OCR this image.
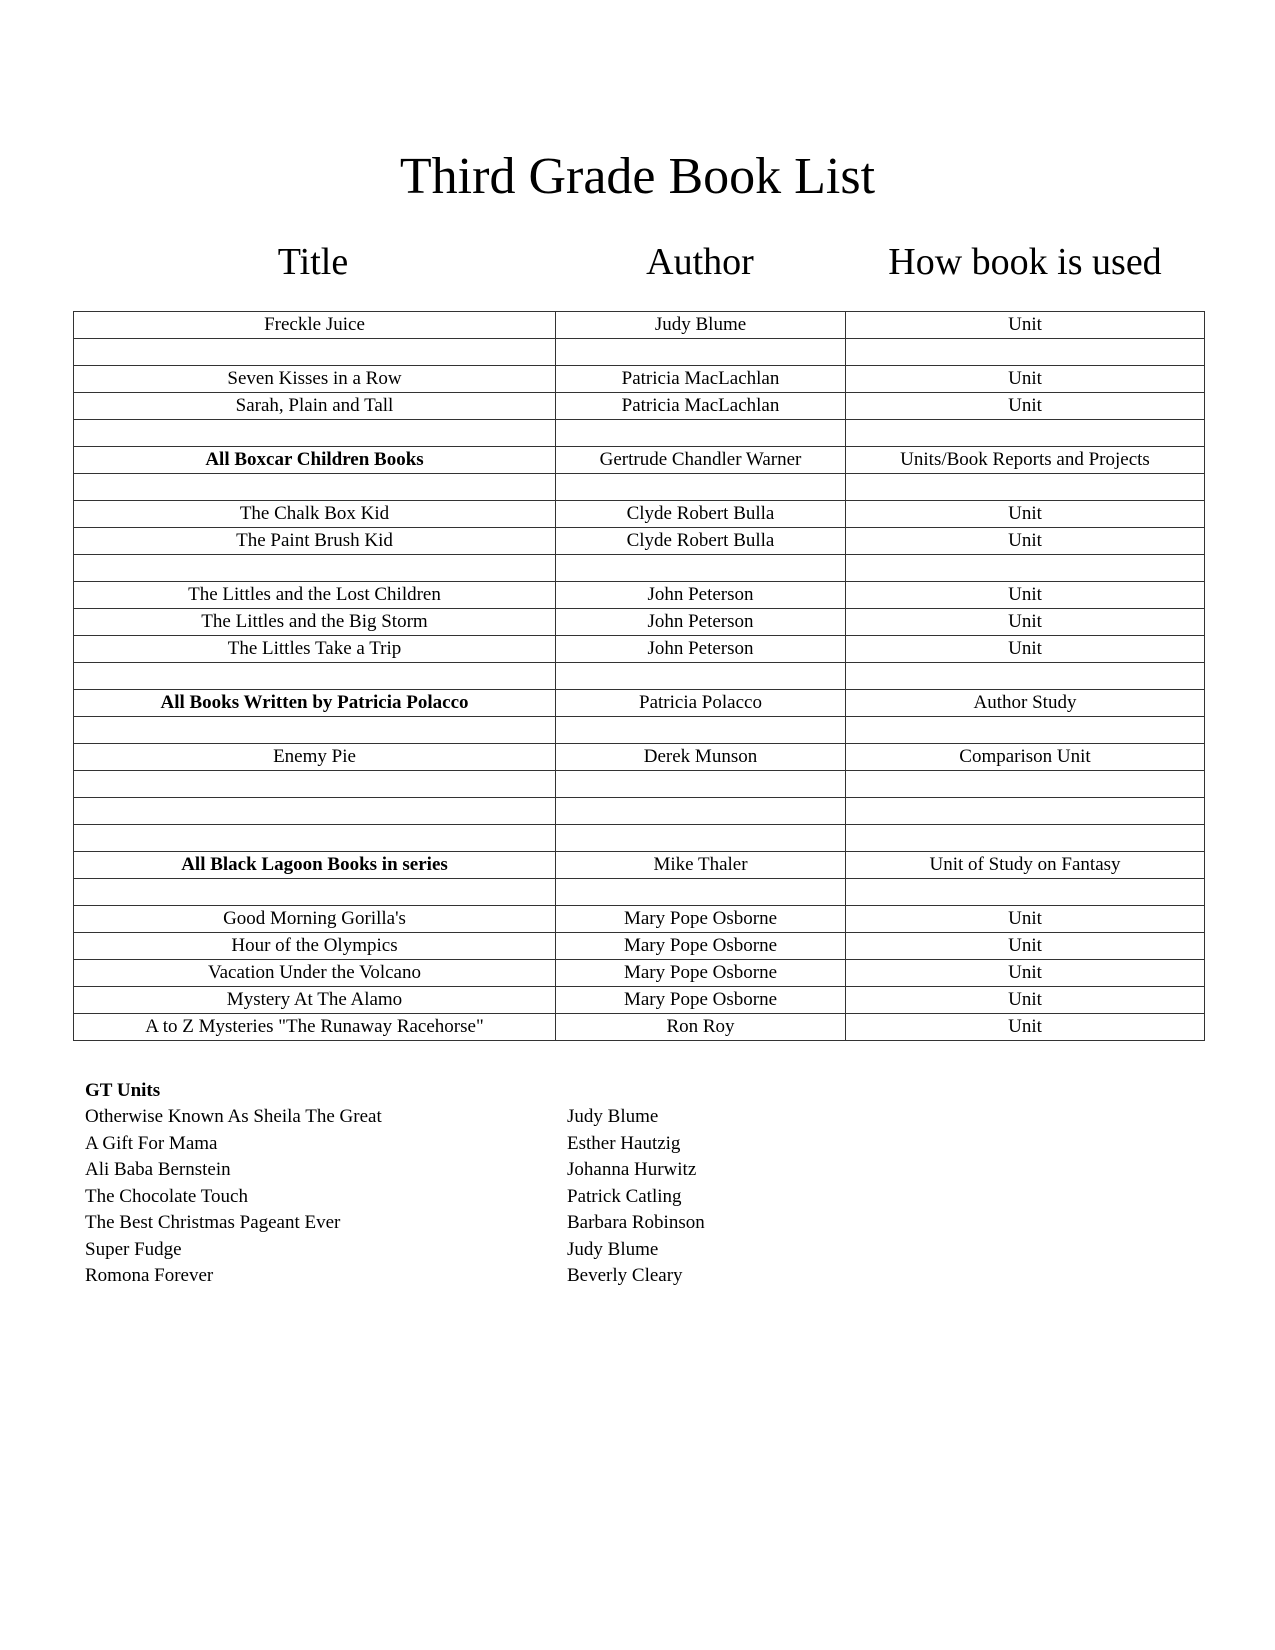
Third Grade Book List
Title	Author	How book is used
Freckle Juice	Judy Blume	Unit

Seven Kisses in a Row	Patricia MacLachlan	Unit
Sarah, Plain and Tall	Patricia MacLachlan	Unit

All Boxcar Children Books	Gertrude Chandler Warner	Units/Book Reports and Projects

The Chalk Box Kid	Clyde Robert Bulla	Unit
The Paint Brush Kid	Clyde Robert Bulla	Unit

The Littles and the Lost Children	John Peterson	Unit
The Littles and the Big Storm	John Peterson	Unit
The Littles Take a Trip	John Peterson	Unit

All Books Written by Patricia Polacco	Patricia Polacco	Author Study

Enemy Pie	Derek Munson	Comparison Unit

All Black Lagoon Books in series	Mike Thaler	Unit of Study on Fantasy

Good Morning Gorilla's	Mary Pope Osborne	Unit
Hour of the Olympics	Mary Pope Osborne	Unit
Vacation Under the Volcano	Mary Pope Osborne	Unit
Mystery At The Alamo	Mary Pope Osborne	Unit
A to Z Mysteries "The Runaway Racehorse"	Ron Roy	Unit
GT Units
Otherwise Known As Sheila The Great	Judy Blume
A Gift For Mama	Esther Hautzig
Ali Baba Bernstein	Johanna Hurwitz
The Chocolate Touch	Patrick Catling
The Best Christmas Pageant Ever	Barbara Robinson
Super Fudge	Judy Blume
Romona Forever	Beverly Cleary
